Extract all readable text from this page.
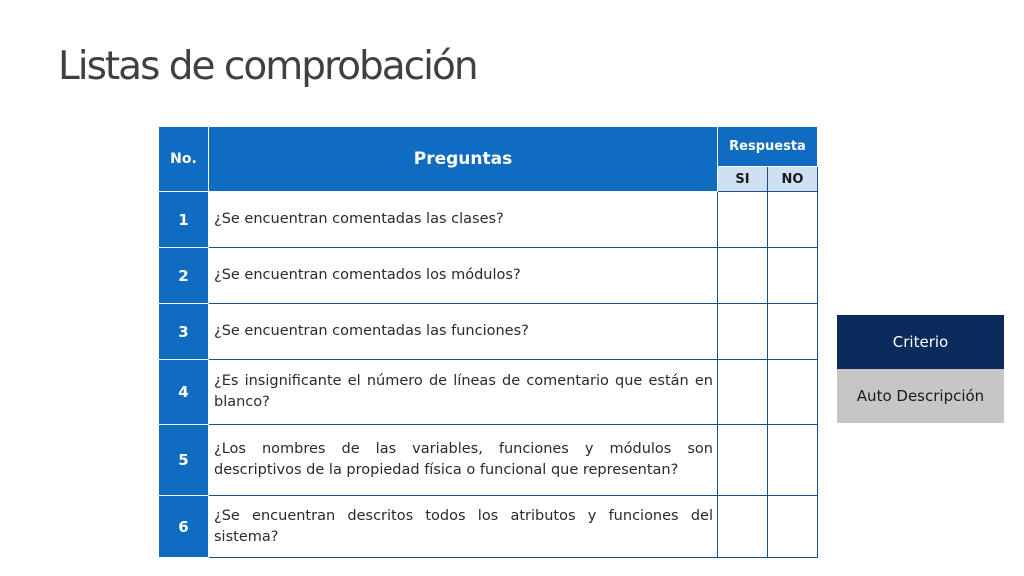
Listas de comprobación
No.	Preguntas	Respuesta	
		SI	NO
1	¿Se encuentran comentadas las clases?		
2	¿Se encuentran comentados los módulos?		
3	¿Se encuentran comentadas las funciones?		
4	¿Es insignificante el número de líneas de comentario que están en blanco?		
5	¿Los nombres de las variables, funciones y módulos son descriptivos de la propiedad física o funcional que representan?		
6	¿Se encuentran descritos todos los atributos y funciones del sistema?		
Criterio
Auto Descripción
